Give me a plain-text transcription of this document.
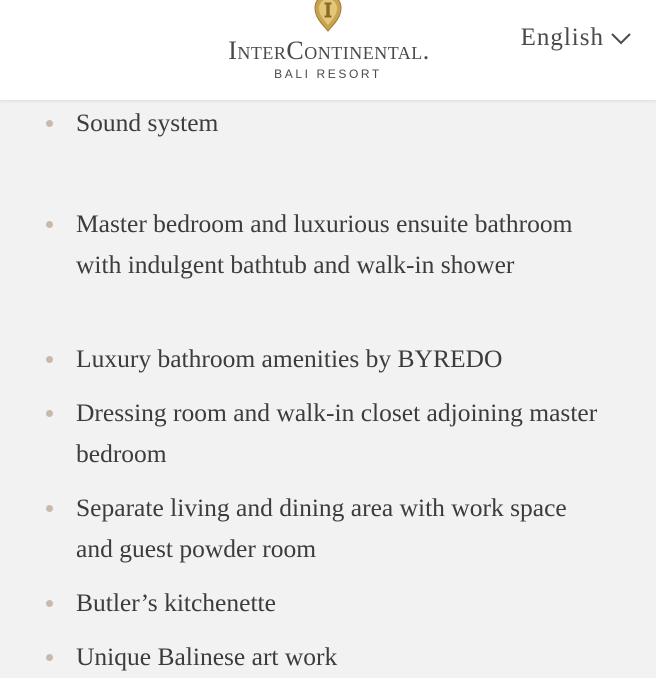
InterContinental.
BALI RESORT
English
Sound system
Master bedroom and luxurious ensuite bathroom with indulgent bathtub and walk-in shower
Luxury bathroom amenities by BYREDO
Dressing room and walk-in closet adjoining master bedroom
Separate living and dining area with work space and guest powder room
Butler’s kitchenette
Unique Balinese art work
